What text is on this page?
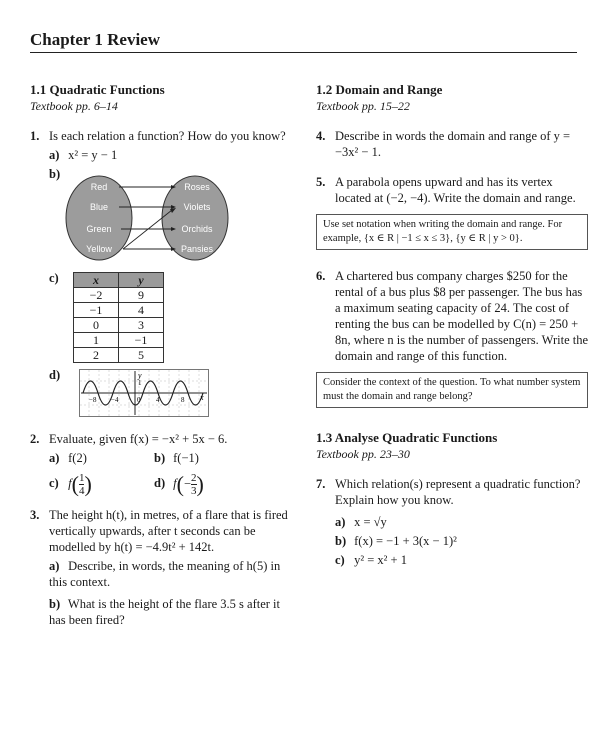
Chapter 1 Review
1.1 Quadratic Functions
Textbook pp. 6–14
1. Is each relation a function? How do you know?
a) x² = y − 1
b)
Red
Blue
Green
Yellow
Roses
Violets
Orchids
Pansies
c)	x	y
−2	9
−1	4
0	3
1	−1
2	5
d)	y
1
−8 −4	0 4	8 x
2. Evaluate, given f(x) = −x² + 5x − 6.
a) f(2)	b) f(−1)
c) $f( \frac{1}{4}$ )	d) $f(- \frac{2}{3}$ )
3. The height h(t), in metres, of a flare that is fired vertically upwards, after t seconds can be modelled by h(t) = −4.9t² + 142t.
a) Describe, in words, the meaning of h(5) in this context.
b) What is the height of the flare 3.5 s after it has been fired?
1.2 Domain and Range
Textbook pp. 15–22
4. Describe in words the domain and range of y = −3x² − 1.
5. A parabola opens upward and has its vertex located at (−2, −4). Write the domain and range.
Use set notation when writing the domain and range. For example, {x ∈ R | −1 ≤ x ≤ 3}, {y ∈ R | y > 0}.
6. A chartered bus company charges $250 for the rental of a bus plus $8 per passenger. The bus has a maximum seating capacity of 24. The cost of renting the bus can be modelled by C(n) = 250 + 8n, where n is the number of passengers. Write the domain and range of this function.
Consider the context of the question. To what number system must the domain and range belong?
1.3 Analyse Quadratic Functions
Textbook pp. 23–30
7. Which relation(s) represent a quadratic function? Explain how you know.
a) x = √y
b) f(x) = −1 + 3(x − 1)²
c) y² = x² + 1
